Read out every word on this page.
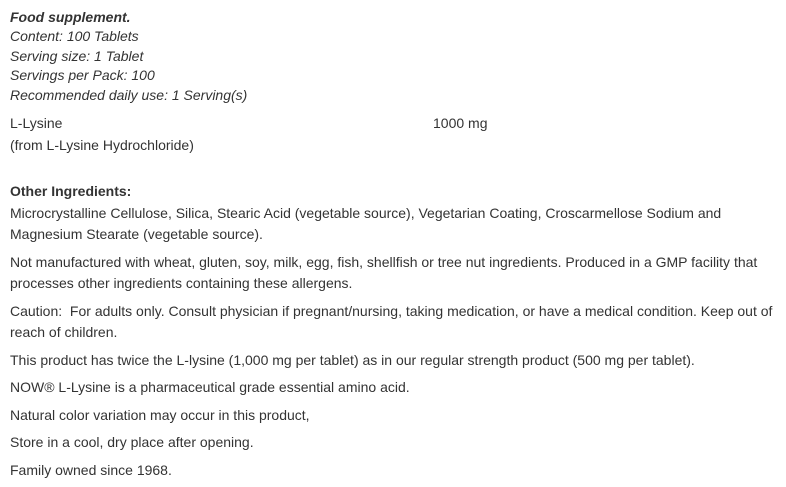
Food supplement.
Content: 100 Tablets
Serving size: 1 Tablet
Servings per Pack: 100
Recommended daily use: 1 Serving(s)
L-Lysine	1000 mg
(from L-Lysine Hydrochloride)
Other Ingredients:

Microcrystalline Cellulose, Silica, Stearic Acid (vegetable source), Vegetarian Coating, Croscarmellose Sodium and Magnesium Stearate (vegetable source).

Not manufactured with wheat, gluten, soy, milk, egg, fish, shellfish or tree nut ingredients. Produced in a GMP facility that processes other ingredients containing these allergens.

Caution:  For adults only. Consult physician if pregnant/nursing, taking medication, or have a medical condition. Keep out of reach of children.

This product has twice the L-lysine (1,000 mg per tablet) as in our regular strength product (500 mg per tablet).

NOW® L-Lysine is a pharmaceutical grade essential amino acid.

Natural color variation may occur in this product,

Store in a cool, dry place after opening.

Family owned since 1968.
